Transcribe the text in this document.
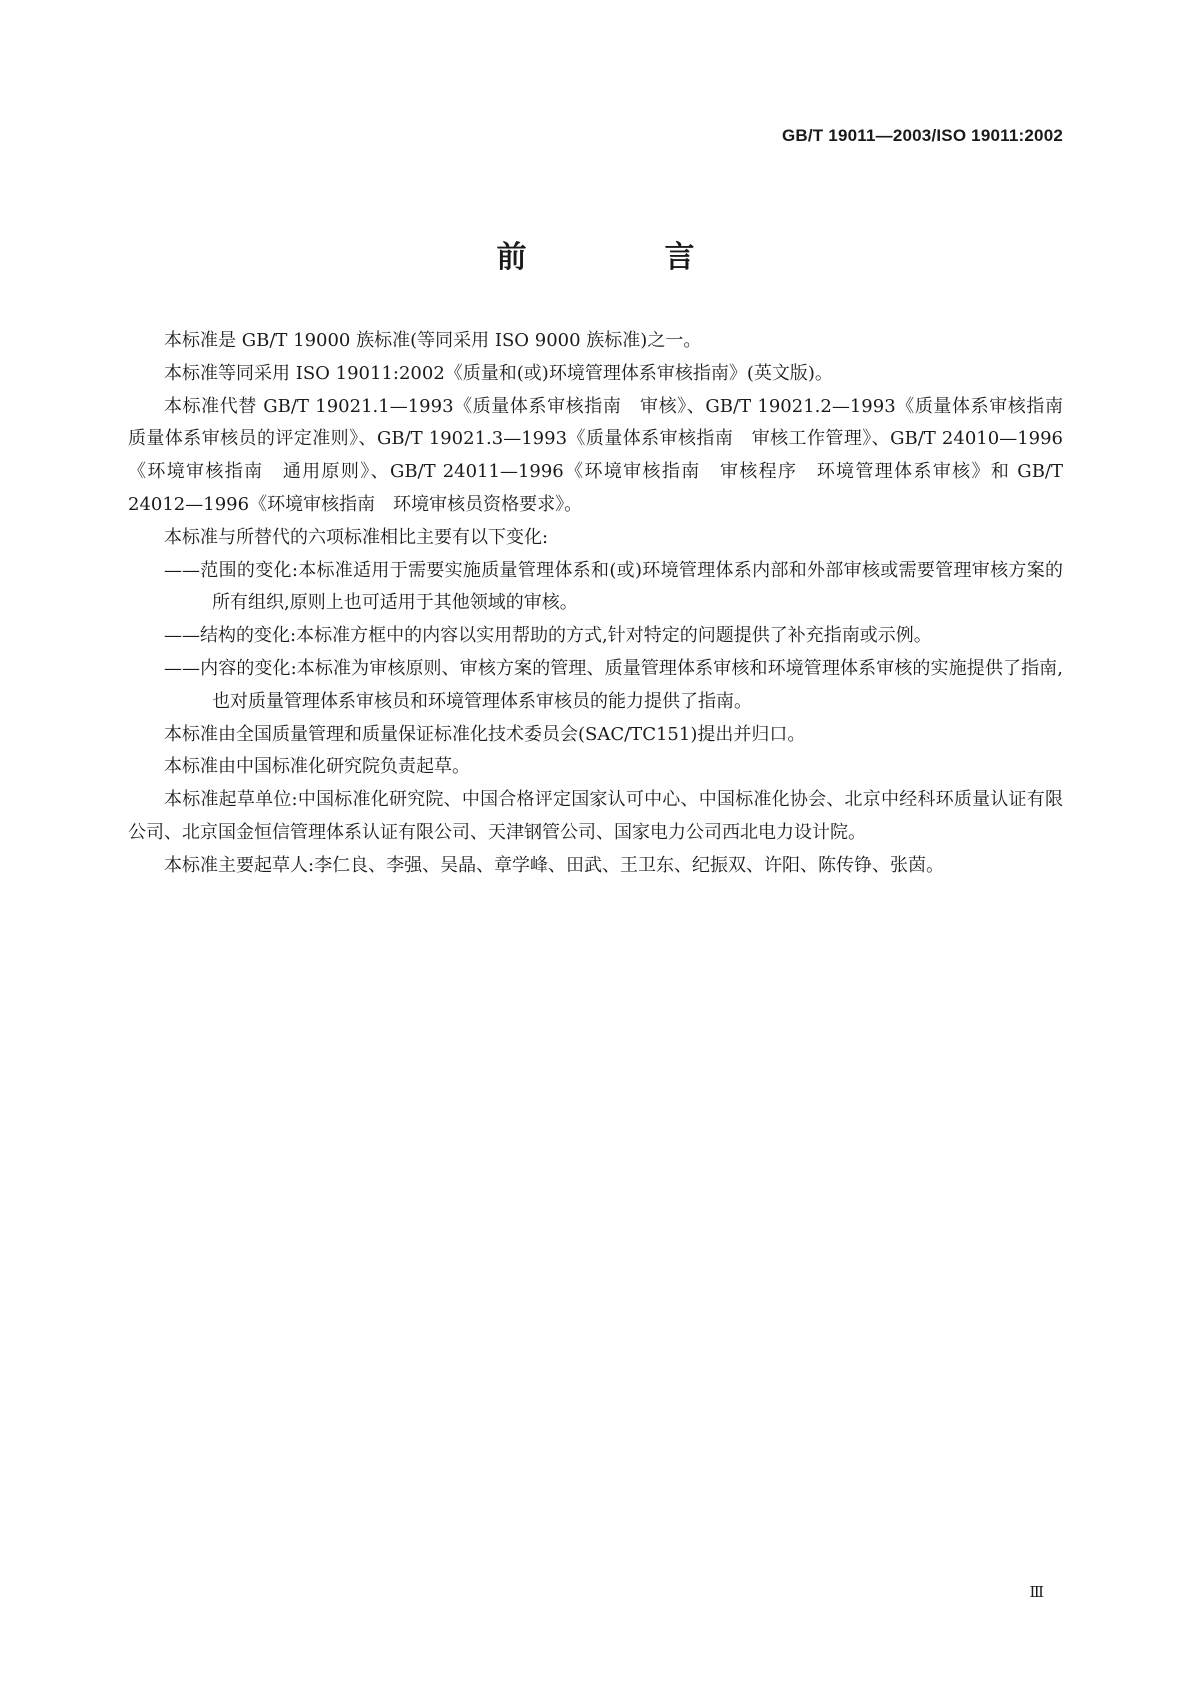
GB/T 19011—2003/ISO 19011:2002
前　言

本标准是 GB/T 19000 族标准(等同采用 ISO 9000 族标准)之一。

本标准等同采用 ISO 19011:2002《质量和(或)环境管理体系审核指南》(英文版)。

本标准代替 GB/T 19021.1—1993《质量体系审核指南　审核》、GB/T 19021.2—1993《质量体系审核指南　质量体系审核员的评定准则》、GB/T 19021.3—1993《质量体系审核指南　审核工作管理》、GB/T 24010—1996《环境审核指南　通用原则》、GB/T 24011—1996《环境审核指南　审核程序　环境管理体系审核》和 GB/T 24012—1996《环境审核指南　环境审核员资格要求》。

本标准与所替代的六项标准相比主要有以下变化:

——范围的变化:本标准适用于需要实施质量管理体系和(或)环境管理体系内部和外部审核或需要管理审核方案的所有组织,原则上也可适用于其他领域的审核。

——结构的变化:本标准方框中的内容以实用帮助的方式,针对特定的问题提供了补充指南或示例。

——内容的变化:本标准为审核原则、审核方案的管理、质量管理体系审核和环境管理体系审核的实施提供了指南,也对质量管理体系审核员和环境管理体系审核员的能力提供了指南。

本标准由全国质量管理和质量保证标准化技术委员会(SAC/TC151)提出并归口。

本标准由中国标准化研究院负责起草。

本标准起草单位:中国标准化研究院、中国合格评定国家认可中心、中国标准化协会、北京中经科环质量认证有限公司、北京国金恒信管理体系认证有限公司、天津钢管公司、国家电力公司西北电力设计院。

本标准主要起草人:李仁良、李强、吴晶、章学峰、田武、王卫东、纪振双、许阳、陈传铮、张茵。

Ⅲ
